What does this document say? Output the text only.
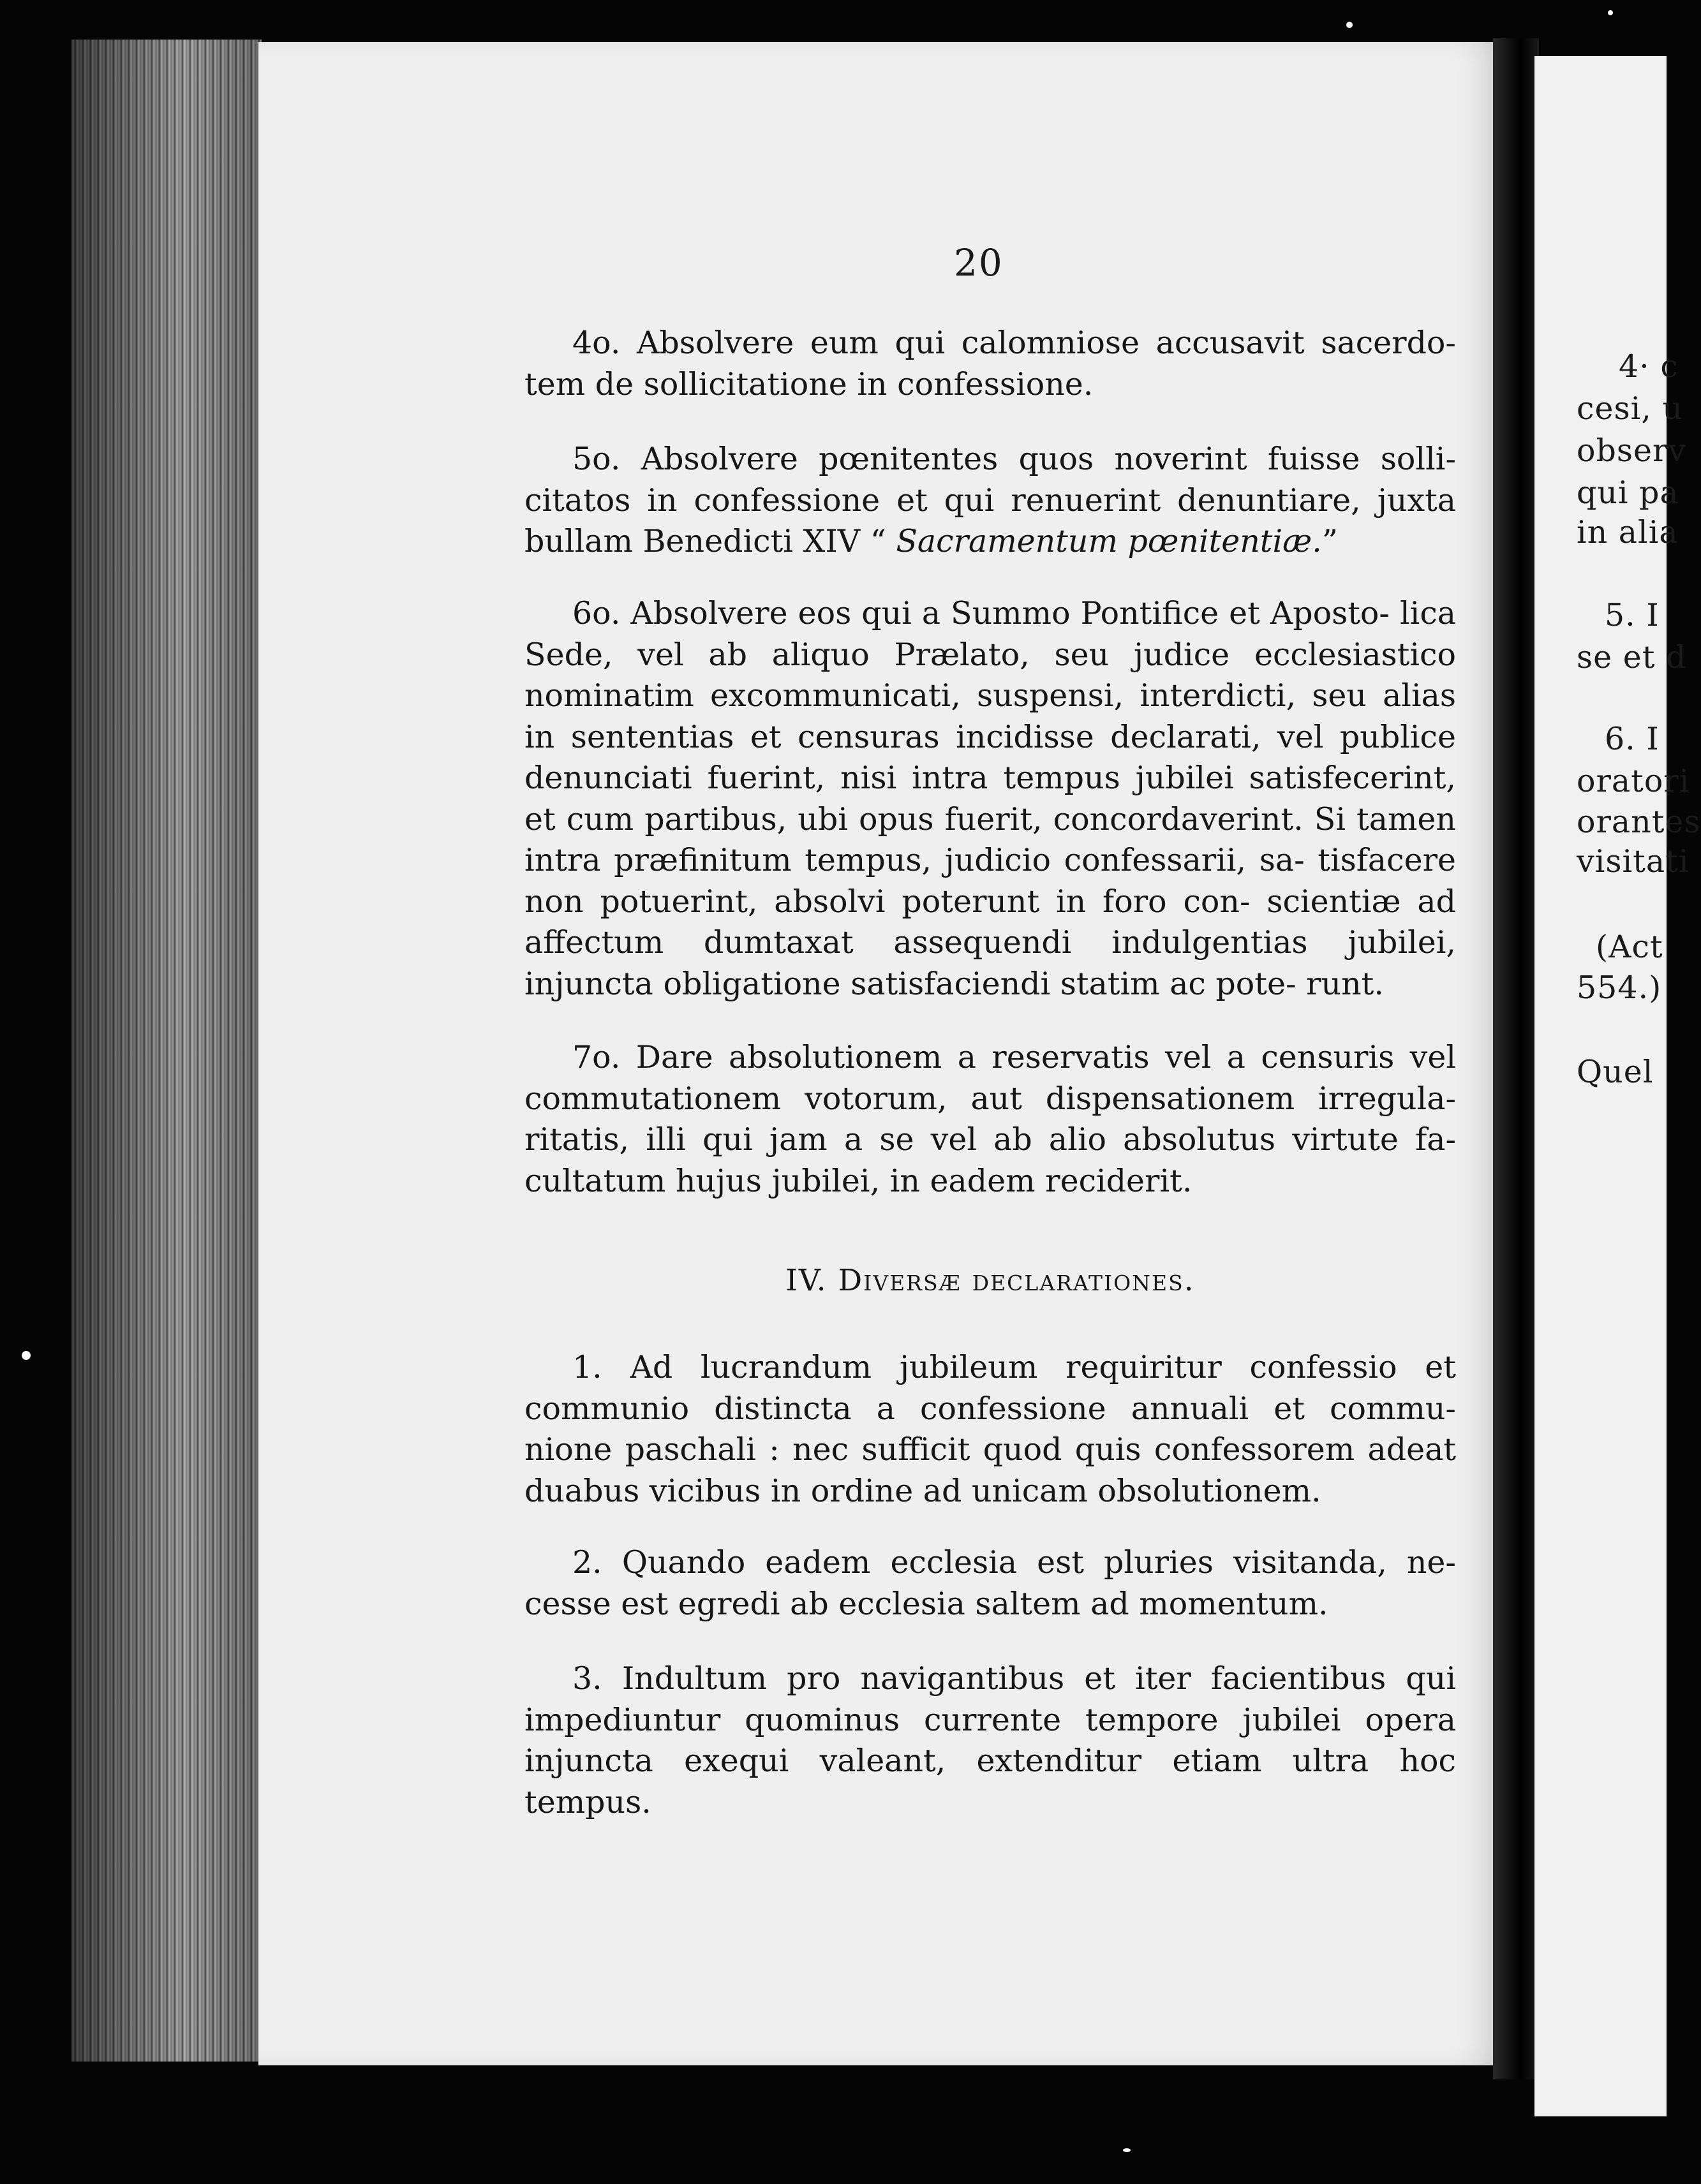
4· c
cesi, u
observ
qui pa
in alia
5. I
se et d
6. I
oratori
orantes
visitati
(Act
554.)
Quel
20

4o. Absolvere eum qui calomniose accusavit sacerdo- tem de sollicitatione in confessione.

5o. Absolvere pœnitentes quos noverint fuisse solli- citatos in confessione et qui renuerint denuntiare, juxta bullam Benedicti XIV “ Sacramentum pœnitentiæ.”

6o. Absolvere eos qui a Summo Pontifice et Aposto- lica Sede, vel ab aliquo Prælato, seu judice ecclesiastico nominatim excommunicati, suspensi, interdicti, seu alias in sententias et censuras incidisse declarati, vel publice denunciati fuerint, nisi intra tempus jubilei satisfecerint, et cum partibus, ubi opus fuerit, concordaverint. Si tamen intra præfinitum tempus, judicio confessarii, sa- tisfacere non potuerint, absolvi poterunt in foro con- scientiæ ad affectum dumtaxat assequendi indulgentias jubilei, injuncta obligatione satisfaciendi statim ac pote- runt.

7o. Dare absolutionem a reservatis vel a censuris vel commutationem votorum, aut dispensationem irregula- ritatis, illi qui jam a se vel ab alio absolutus virtute fa- cultatum hujus jubilei, in eadem reciderit.

IV. Diversæ declarationes.

1. Ad lucrandum jubileum requiritur confessio et communio distincta a confessione annuali et commu- nione paschali : nec sufficit quod quis confessorem adeat duabus vicibus in ordine ad unicam obsolutionem.

2. Quando eadem ecclesia est pluries visitanda, ne- cesse est egredi ab ecclesia saltem ad momentum.

3. Indultum pro navigantibus et iter facientibus qui impediuntur quominus currente tempore jubilei opera injuncta exequi valeant, extenditur etiam ultra hoc tempus.
